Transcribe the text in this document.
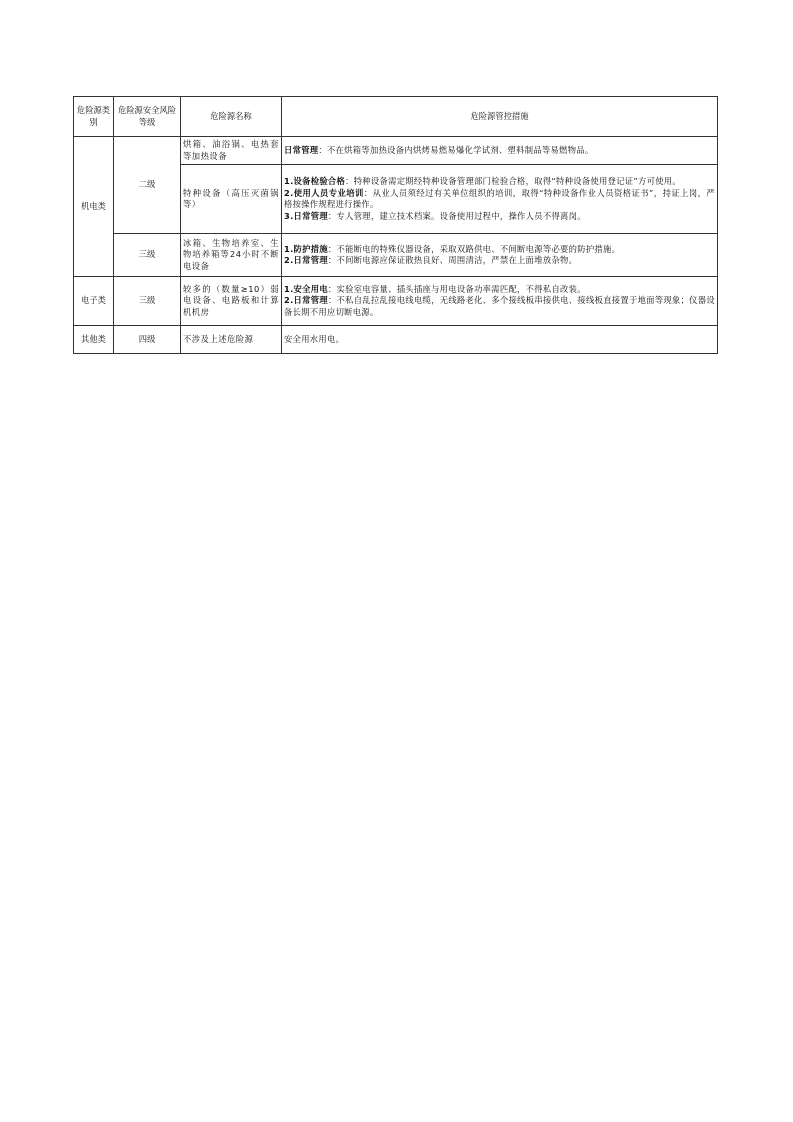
危险源类别	危险源安全风险等级	危险源名称	危险源管控措施
机电类	二级	烘箱、油浴锅、电热套等加热设备	日常管理：不在烘箱等加热设备内烘烤易燃易爆化学试剂、塑料制品等易燃物品。

		特种设备（高压灭菌锅等）	1.设备检验合格：特种设备需定期经特种设备管理部门检验合格，取得“特种设备使用登记证”方可使用。
2.使用人员专业培训：从业人员须经过有关单位组织的培训，取得“特种设备作业人员资格证书”，持证上岗，严格按操作规程进行操作。
3.日常管理：专人管理，建立技术档案。设备使用过程中，操作人员不得离岗。

	三级	冰箱、生物培养室、生物培养箱等24小时不断电设备	1.防护措施：不能断电的特殊仪器设备，采取双路供电、不间断电源等必要的防护措施。
2.日常管理：不间断电源应保证散热良好、周围清洁，严禁在上面堆放杂物。

电子类	三级	较多的（数量≥10）弱电设备、电路板和计算机机房	1.安全用电：实验室电容量、插头插座与用电设备功率需匹配，不得私自改装。
2.日常管理：不私自乱拉乱接电线电缆，无线路老化、多个接线板串接供电、接线板直接置于地面等现象；仪器设备长期不用应切断电源。

其他类	四级	不涉及上述危险源	安全用水用电。
